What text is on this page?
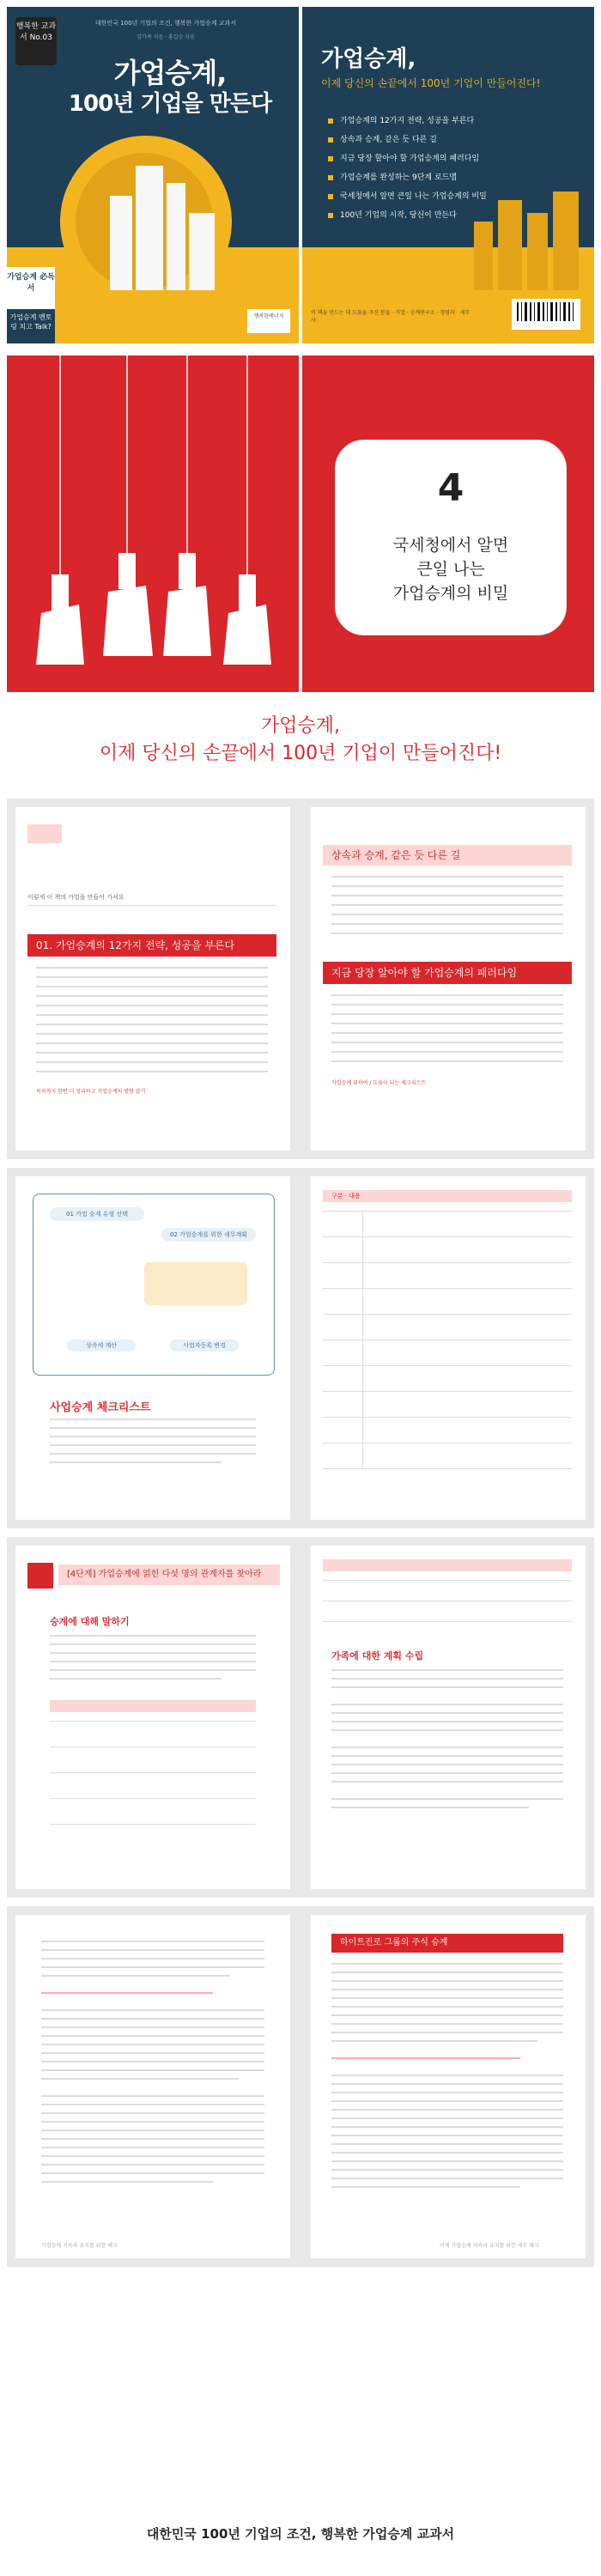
행복한 교과서 No.03
대한민국 100년 기업의 조건, 행복한 가업승계 교과서
김가족 지음 · 홍길승 지음
가업승계,
100년 기업을 만든다
가업승계 必독서
가업승계 멘토링 치고 Talk?
행복한에너지
가업승계,
이제 당신의 손끝에서 100년 기업이 만들어진다!
가업승계의 12가지 전략, 성공을 부른다
상속과 승계, 같은 듯 다른 길
지금 당장 할아야 할 가업승계의 패러다임
가업승계를 완성하는 9단계 로드맵
국세청에서 알면 큰일 나는 가업승계의 비밀
100년 기업의 시작, 당신이 만든다
이 책을 만드는 데 도움을 주신 분들 · 가업 · 승계연구소 · 경영자 · 세무사
4
국세청에서 알면
큰일 나는
가업승계의 비밀
가업승계,
이제 당신의 손끝에서 100년 기업이 만들어진다!
이렇게 이 책의 가업을 만들어 가셔요
01. 가업승계의 12가지 전략, 성공을 부른다
목차까지 한번 더 정리하고 가업승계의 방향 잡기
상속과 승계, 같은 듯 다른 길
지금 당장 알아야 할 가업승계의 패러다임
가업승계 위하여 / 도움이 되는 체크리스트
01 가업 승계 유형 선택
02 가업승계를 위한 세무계획
상속세 계산	사업자등록 변경
사업승계 체크리스트
구분 · 내용
[4단계] 가업승계에 얽힌 다섯 명의 관계자를 찾아라
승계에 대해 말하기
가족에 대한 계획 수립
가업승계 지속과 유지를 위한 체크
하이트진로 그룹의 주식 승계
이제 가업승계 지속과 유지를 위한 세무 체크
대한민국 100년 기업의 조건, 행복한 가업승계 교과서
